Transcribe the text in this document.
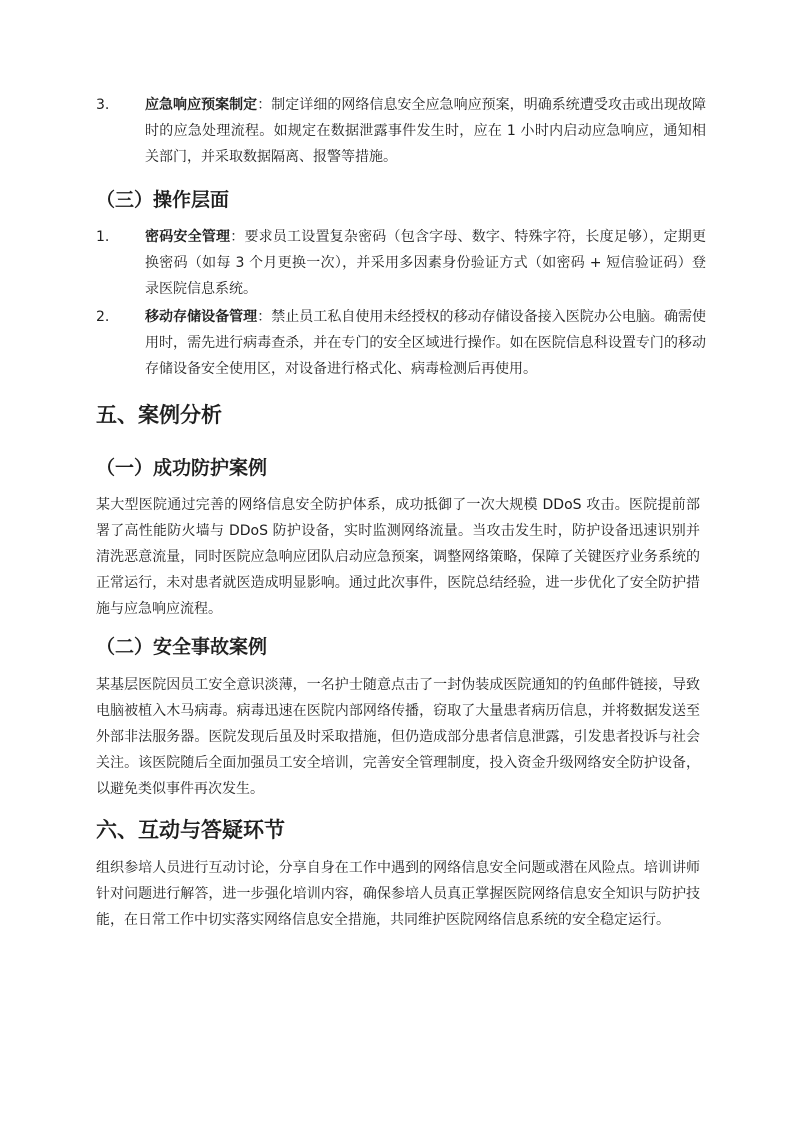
3.	应急响应预案制定：制定详细的网络信息安全应急响应预案，明确系统遭受攻击或出现故障时的应急处理流程。如规定在数据泄露事件发生时，应在 1 小时内启动应急响应，通知相关部门，并采取数据隔离、报警等措施。
（三）操作层面
1.	密码安全管理：要求员工设置复杂密码（包含字母、数字、特殊字符，长度足够），定期更换密码（如每 3 个月更换一次），并采用多因素身份验证方式（如密码 + 短信验证码）登录医院信息系统。
2.	移动存储设备管理：禁止员工私自使用未经授权的移动存储设备接入医院办公电脑。确需使用时，需先进行病毒查杀，并在专门的安全区域进行操作。如在医院信息科设置专门的移动存储设备安全使用区，对设备进行格式化、病毒检测后再使用。
五、案例分析
（一）成功防护案例
某大型医院通过完善的网络信息安全防护体系，成功抵御了一次大规模 DDoS 攻击。医院提前部署了高性能防火墙与 DDoS 防护设备，实时监测网络流量。当攻击发生时，防护设备迅速识别并清洗恶意流量，同时医院应急响应团队启动应急预案，调整网络策略，保障了关键医疗业务系统的正常运行，未对患者就医造成明显影响。通过此次事件，医院总结经验，进一步优化了安全防护措施与应急响应流程。
（二）安全事故案例
某基层医院因员工安全意识淡薄，一名护士随意点击了一封伪装成医院通知的钓鱼邮件链接，导致电脑被植入木马病毒。病毒迅速在医院内部网络传播，窃取了大量患者病历信息，并将数据发送至外部非法服务器。医院发现后虽及时采取措施，但仍造成部分患者信息泄露，引发患者投诉与社会关注。该医院随后全面加强员工安全培训，完善安全管理制度，投入资金升级网络安全防护设备，以避免类似事件再次发生。
六、互动与答疑环节
组织参培人员进行互动讨论，分享自身在工作中遇到的网络信息安全问题或潜在风险点。培训讲师针对问题进行解答，进一步强化培训内容，确保参培人员真正掌握医院网络信息安全知识与防护技能，在日常工作中切实落实网络信息安全措施，共同维护医院网络信息系统的安全稳定运行。
